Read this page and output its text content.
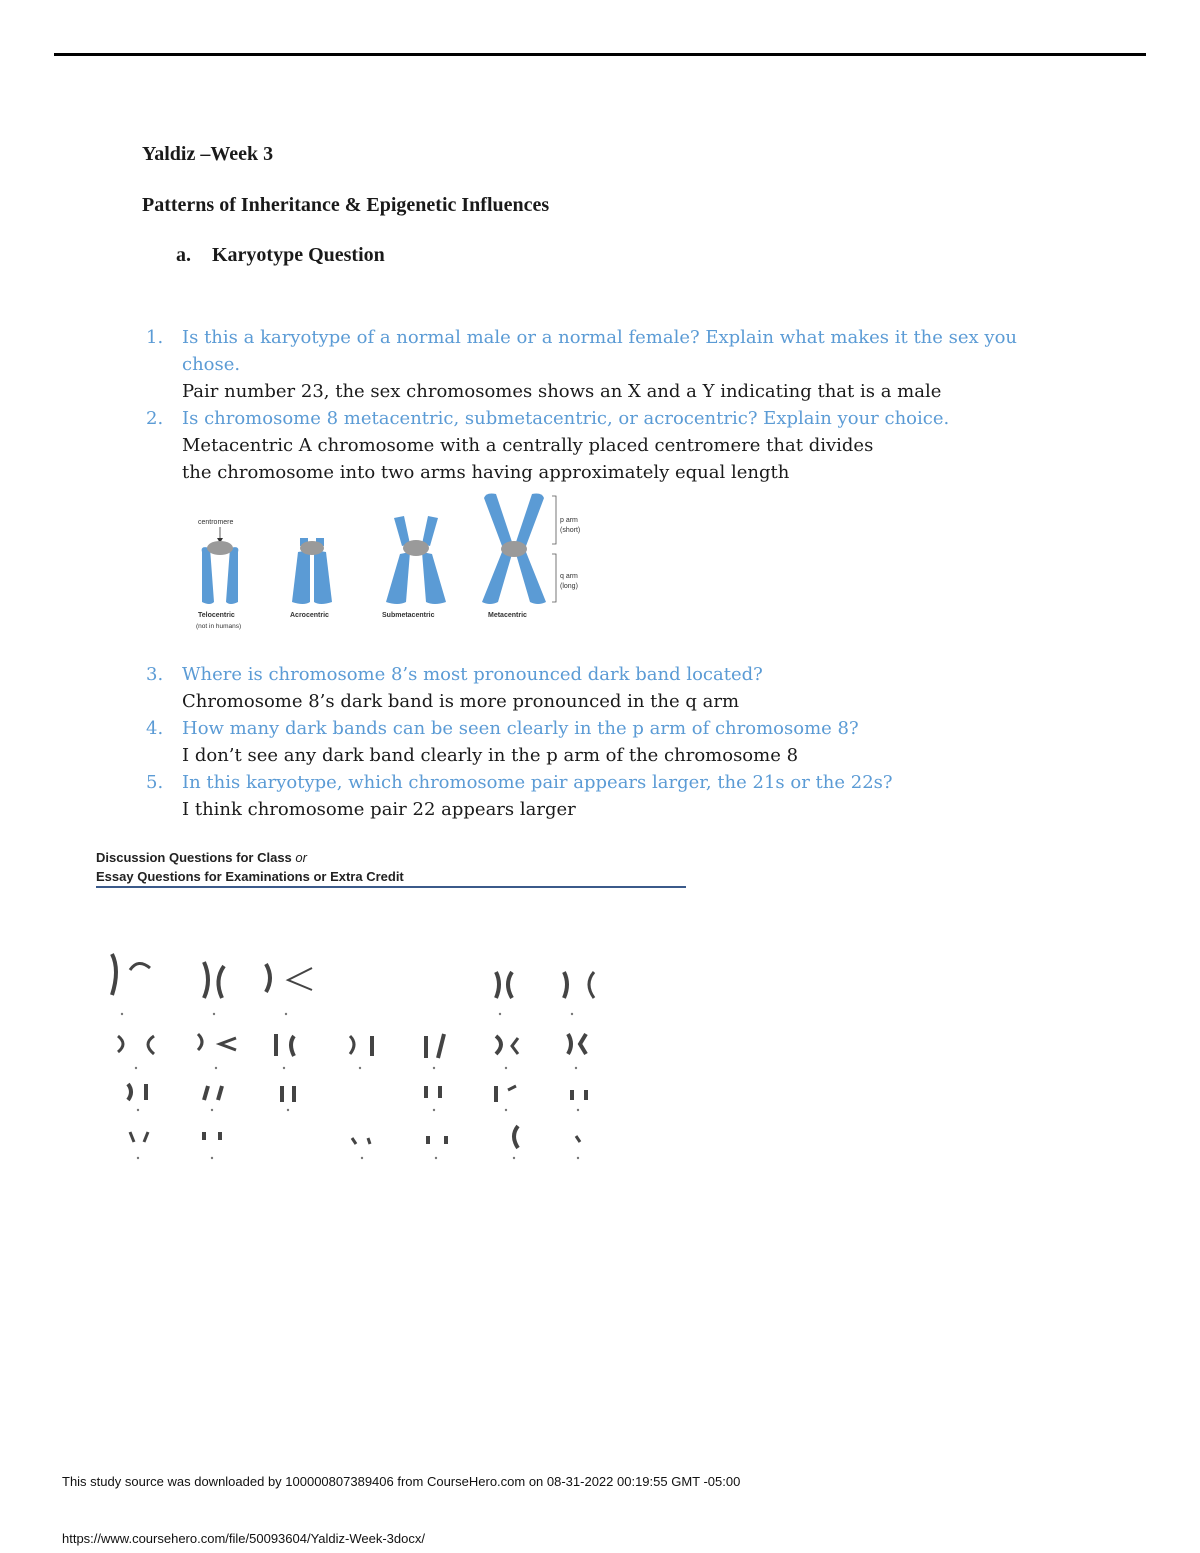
Yaldiz –Week 3
Patterns of Inheritance & Epigenetic Influences
a. Karyotype Question
1. Is this a karyotype of a normal male or a normal female? Explain what makes it the sex you chose.
Pair number 23, the sex chromosomes shows an X and a Y indicating that is a male
2. Is chromosome 8 metacentric, submetacentric, or acrocentric? Explain your choice.
Metacentric A chromosome with a centrally placed centromere that divides
the chromosome into two arms having approximately equal length
centromere	p arm
(short)
q arm
(long)
Telocentric	Acrocentric	Submetacentric	Metacentric
(not in humans)
3. Where is chromosome 8’s most pronounced dark band located?
Chromosome 8’s dark band is more pronounced in the q arm
4. How many dark bands can be seen clearly in the p arm of chromosome 8?
I don’t see any dark band clearly in the p arm of the chromosome 8
5. In this karyotype, which chromosome pair appears larger, the 21s or the 22s?
I think chromosome pair 22 appears larger
Discussion Questions for Class or
Essay Questions for Examinations or Extra Credit
This study source was downloaded by 100000807389406 from CourseHero.com on 08-31-2022 00:19:55 GMT -05:00
https://www.coursehero.com/file/50093604/Yaldiz-Week-3docx/
